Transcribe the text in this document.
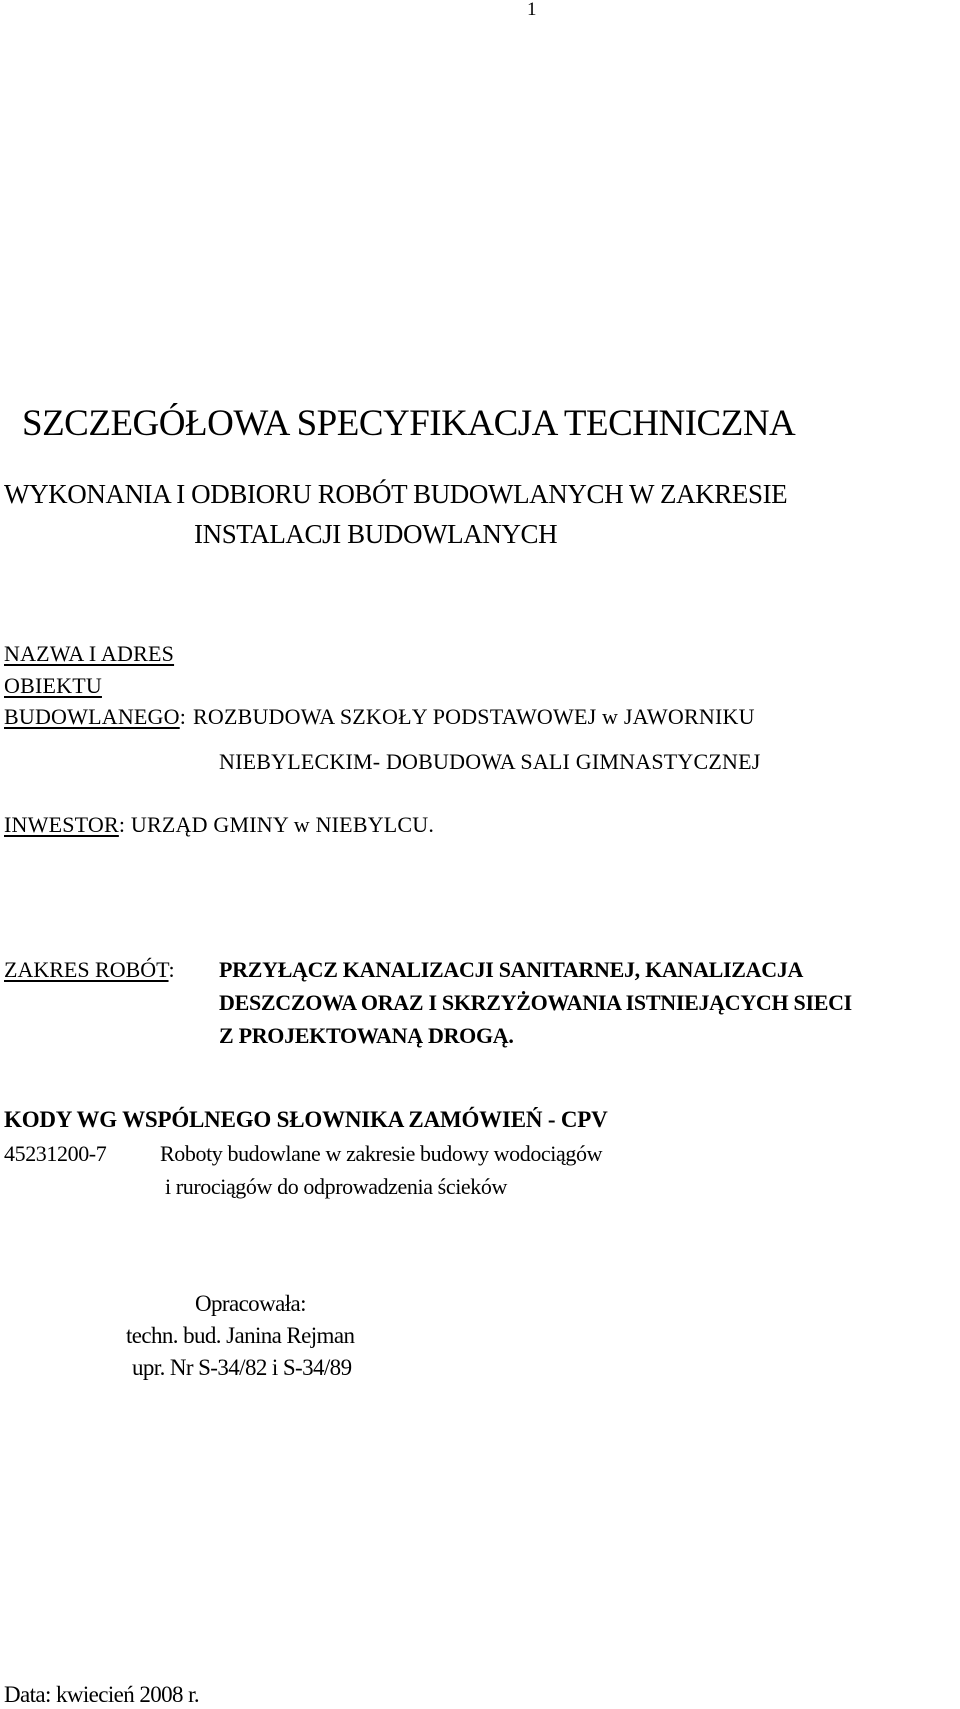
1
SZCZEGÓŁOWA SPECYFIKACJA TECHNICZNA
WYKONANIA I ODBIORU ROBÓT BUDOWLANYCH W ZAKRESIE
INSTALACJI BUDOWLANYCH
NAZWA I ADRES
OBIEKTU
BUDOWLANEGO: ROZBUDOWA SZKOŁY PODSTAWOWEJ w JAWORNIKU
NIEBYLECKIM- DOBUDOWA SALI GIMNASTYCZNEJ
INWESTOR: URZĄD GMINY w NIEBYLCU.
ZAKRES ROBÓT: PRZYŁĄCZ KANALIZACJI SANITARNEJ, KANALIZACJA
DESZCZOWA ORAZ I SKRZYŻOWANIA ISTNIEJĄCYCH SIECI
Z PROJEKTOWANĄ DROGĄ.
KODY WG WSPÓLNEGO SŁOWNIKA ZAMÓWIEŃ - CPV
45231200-7 Roboty budowlane w zakresie budowy wodociągów
i rurociągów do odprowadzenia ścieków
Opracowała:
techn. bud. Janina Rejman
upr. Nr S-34/82 i S-34/89
Data: kwiecień 2008 r.
